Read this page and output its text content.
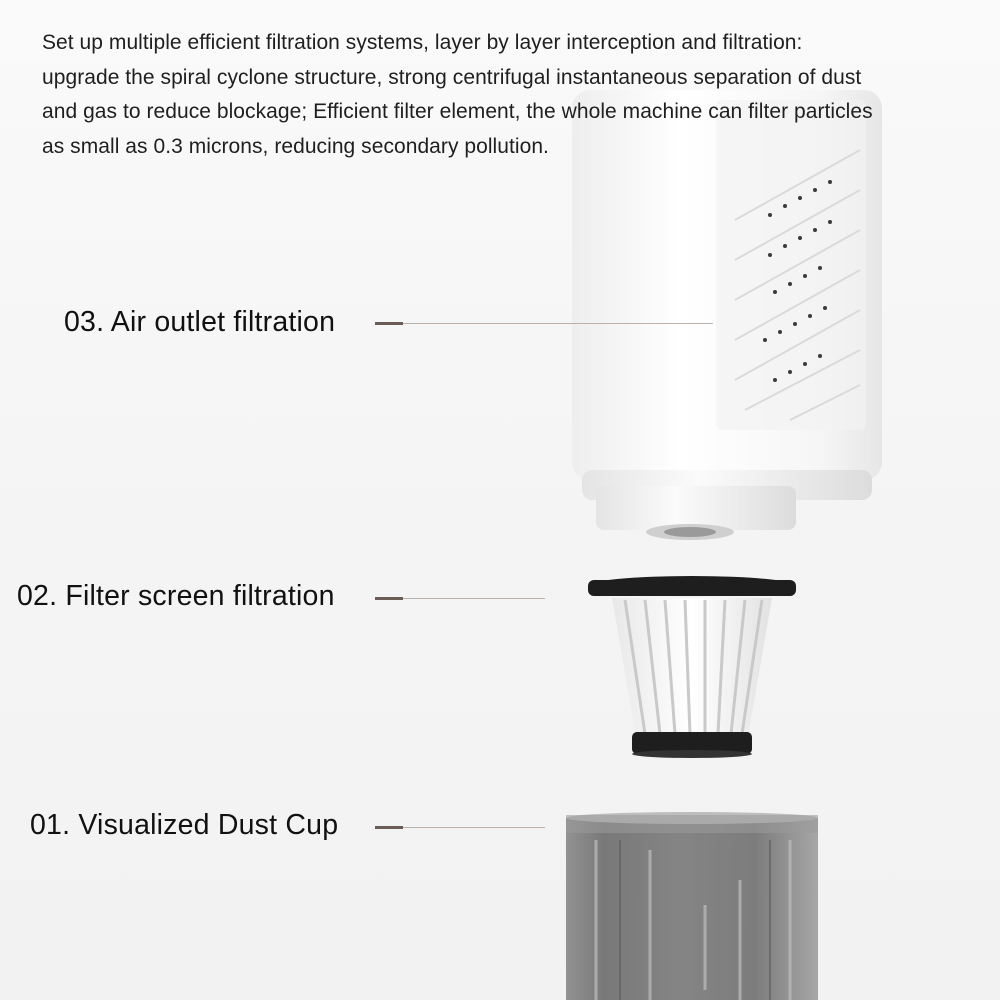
Set up multiple efficient filtration systems, layer by layer interception and filtration: upgrade the spiral cyclone structure, strong centrifugal instantaneous separation of dust and gas to reduce blockage; Efficient filter element, the whole machine can filter particles as small as 0.3 microns, reducing secondary pollution.

03. Air outlet filtration
02. Filter screen filtration
01. Visualized Dust Cup
